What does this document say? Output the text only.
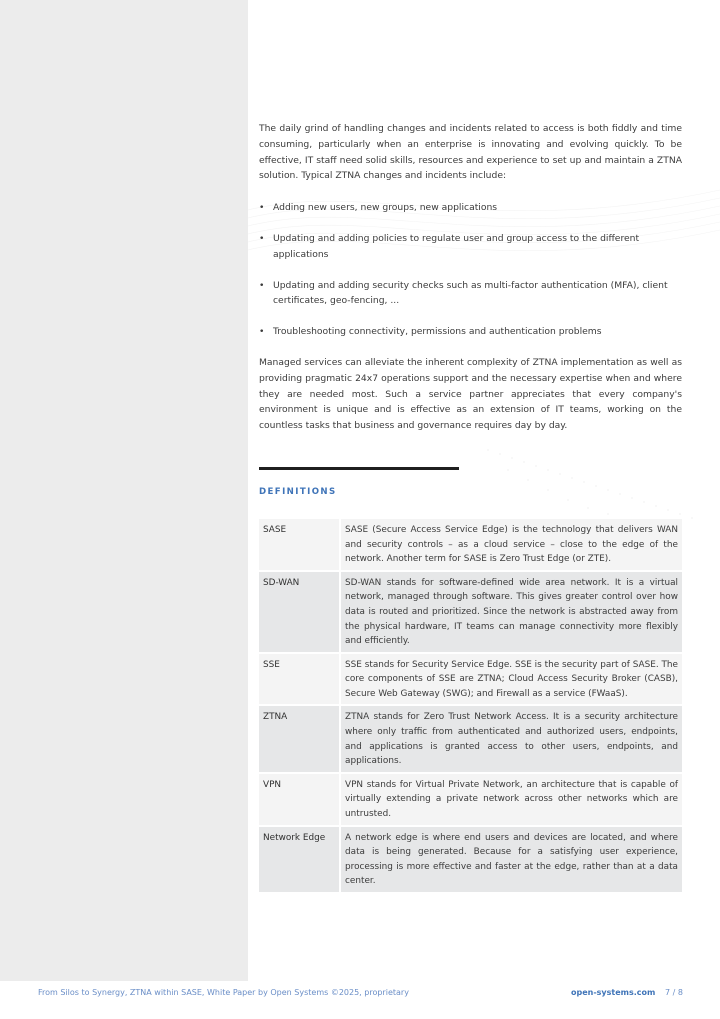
The daily grind of handling changes and incidents related to access is both fiddly and time consuming, particularly when an enterprise is innovating and evolving quickly. To be effective, IT staff need solid skills, resources and experience to set up and maintain a ZTNA solution. Typical ZTNA changes and incidents include:

• Adding new users, new groups, new applications
• Updating and adding policies to regulate user and group access to the different applications
• Updating and adding security checks such as multi-factor authentication (MFA), client certificates, geo-fencing, ...
• Troubleshooting connectivity, permissions and authentication problems

Managed services can alleviate the inherent complexity of ZTNA implementation as well as providing pragmatic 24x7 operations support and the necessary expertise when and where they are needed most. Such a service partner appreciates that every company's environment is unique and is effective as an extension of IT teams, working on the countless tasks that business and governance requires day by day.

DEFINITIONS
SASE	SASE (Secure Access Service Edge) is the technology that delivers WAN and security controls – as a cloud service – close to the edge of the network. Another term for SASE is Zero Trust Edge (or ZTE).
SD-WAN	SD-WAN stands for software-defined wide area network. It is a virtual network, managed through software. This gives greater control over how data is routed and prioritized. Since the network is abstracted away from the physical hardware, IT teams can manage connectivity more flexibly and efficiently.
SSE	SSE stands for Security Service Edge. SSE is the security part of SASE. The core components of SSE are ZTNA; Cloud Access Security Broker (CASB), Secure Web Gateway (SWG); and Firewall as a service (FWaaS).
ZTNA	ZTNA stands for Zero Trust Network Access. It is a security architecture where only traffic from authenticated and authorized users, endpoints, and applications is granted access to other users, endpoints, and applications.
VPN	VPN stands for Virtual Private Network, an architecture that is capable of virtually extending a private network across other networks which are untrusted.
Network Edge	A network edge is where end users and devices are located, and where data is being generated. Because for a satisfying user experience, processing is more effective and faster at the edge, rather than at a data center.
From Silos to Synergy, ZTNA within SASE, White Paper by Open Systems ©2025, proprietary	open-systems.com 7 / 8
